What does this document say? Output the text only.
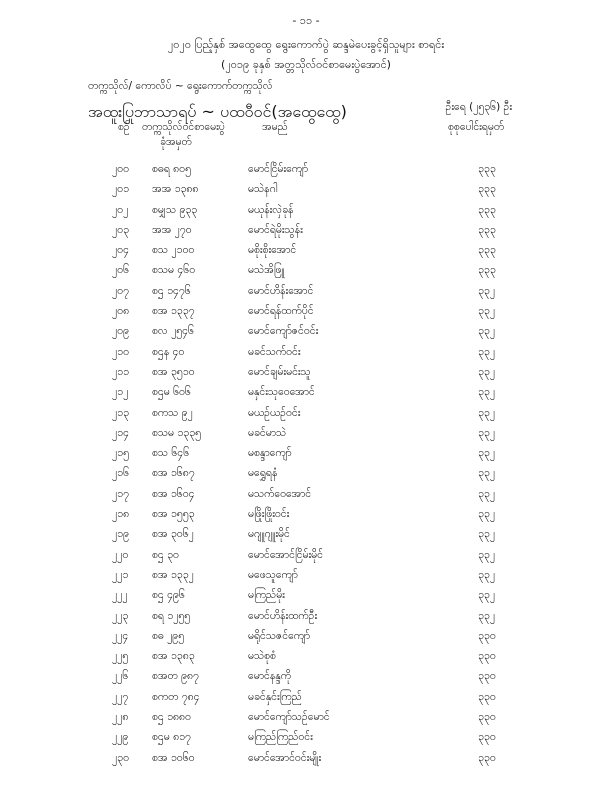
- ၁၁ -
၂၀၂၀ ပြည့်နှစ် အထွေထွေ ရွေးကောက်ပွဲ ဆန္ဒမဲပေးခွင့်ရှိသူများ စာရင်း
(၂၀၁၉ ခုနှစ် အတ္တသိုလ်ဝင်စာမေးပွဲအောင်)
တက္ကသိုလ်/ ကောလိပ် ~ ရွေးကောက်တက္ကသိုလ်
အထူးပြုဘာသာရပ် ~ ပထဝီဝင်(အထွေထွေ)	ဦးရေ (၂၅၃၆) ဦး
စဉ် တက္ကသိုလ်ဝင်စာမေးပွဲ
ခုံအမှတ်
အမည်	စုစုပေါင်းရမှတ်
၂၀၀ စဓရ ၈၀၅	မောင်ငြိမ်းကျော်	၃၃၃
၂၀၁ အအ ၁၃၈၈	မသဲနဂါ	၃၃၃
၂၀၂ စမျှသ ၉၃၃	မယုန်းလှဲခုန်	၃၃၃
၂၀၃ အအ ၂၇၀	မောင်ရဲမိုးသွန်း	၃၃၃
၂၀၄ စသ ၂၁၀၀	မစိုးစိုးအောင်	၃၃၃
၂၀၆ စသမ ၄၆၀	မသဲအိဖြူ	၃၃၃
၂၀၇ စဌ ၁၄၇၆	မောင်ဟိန်းအောင်	၃၃၂
၂၀၈ စအ ၁၃၃၇	မောင်ရန်ထက်ပိုင်	၃၃၂
၂၀၉ စလ ၂၅၄၆	မောင်ကျော်ဇင်ဝင်း	၃၃၂
၂၁၀ စဌန ၄၀	မခင်သက်ဝင်း	၃၃၂
၂၁၁ စအ ၃၅၁၀	မောင်ချမ်းမင်းသူ	၃၃၂
၂၁၂ စဌမ ၆၀၆	မနှင်းသုဝေအောင်	၃၃၂
၂၁၃ စကသ ၉၂	မယဉ်ယဉ်ဝင်း	၃၃၂
၂၁၄ စသမ ၁၃၃၅	မခင်မာသဲ	၃၃၂
၂၁၅ စသ ၆၄၆	မစန္ဒာကျော်	၃၃၂
၂၁၆ စအ ၁၆၈၇	မရွှေရနံ	၃၃၂
၂၁၇ စအ ၁၆၀၄	မသက်ဝေအောင်	၃၃၂
၂၁၈ စအ ၁၅၅၃	မဖြိုးဖြိုးဝင်း	၃၃၂
၂၁၉ စအ ၃၀၆၂	မဂျူဂျူးမိုင်	၃၃၂
၂၂၀ စဌ ၃၀	မောင်အောင်ငြိမ်းမိုင်	၃၃၂
၂၂၁ စအ ၁၃၃၂	မဖေသူကျော်	၃၃၂
၂၂၂ စဌ ၄၉၆	မကြည်မိုး	၃၃၂
၂၂၃ စရ ၁၂၅၅	မောင်ဟိန်းထက်ဦး	၃၃၂
၂၂၄ စဓ ၂၉၅	မရိုင်သဇင်ကျော်	၃၃၀
၂၂၅ စအ ၁၃၈၃	မသဲစုစံ	၃၃၀
၂၂၆ စအတ ၉၈၇	မောင်နန္ဒကို	၃၃၀
၂၂၇ စကတ ၇၈၄	မခင်နှင်းကြည်	၃၃၀
၂၂၈ စဌ ၁၈၈၀	မောင်ကျော်သဉ်မောင်	၃၃၀
၂၂၉ စဌမ ၈၁၇	မကြည်ကြည်ဝင်း	၃၃၀
၂၃၀ စအ ၁၀၆၀	မောင်အောင်ဝင်းမျိုး	၃၃၀
